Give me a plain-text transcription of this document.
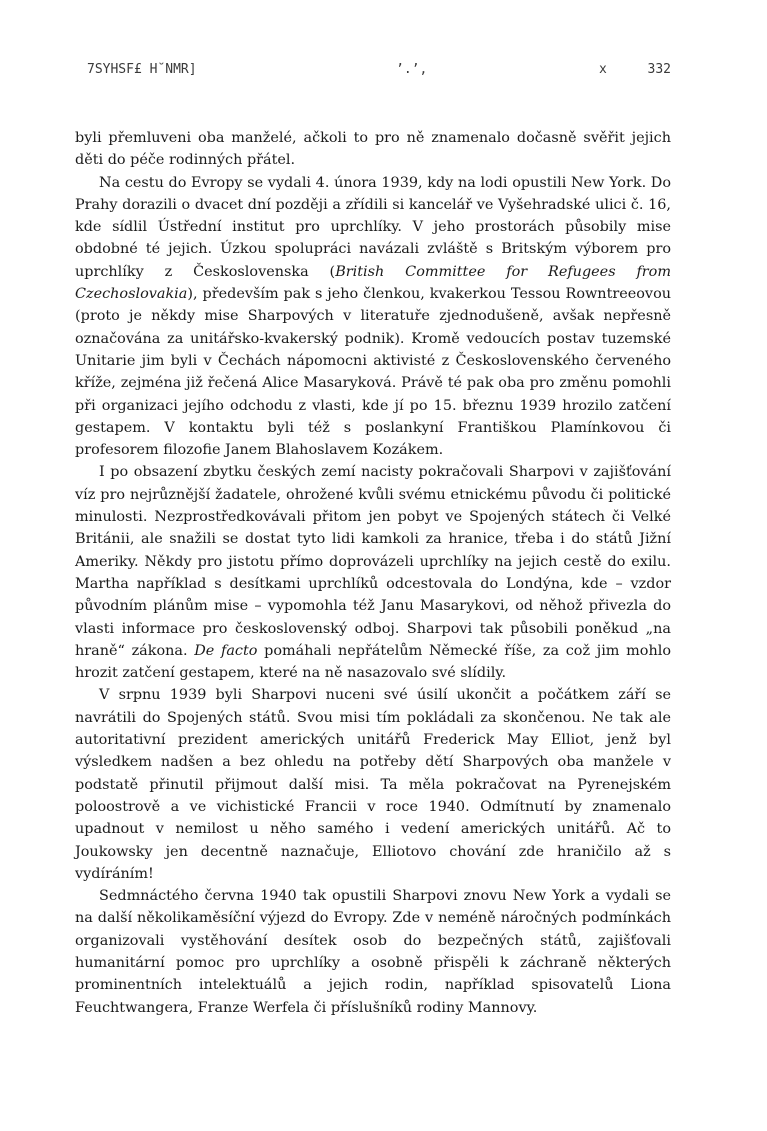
7SYHSF£ H˘NMR]	’.’,	x	332

byli přemluveni oba manželé, ačkoli to pro ně znamenalo dočasně svěřit jejich děti do péče rodinných přátel.

Na cestu do Evropy se vydali 4. února 1939, kdy na lodi opustili New York. Do Prahy dorazili o dvacet dní později a zřídili si kancelář ve Vyšehradské ulici č. 16, kde sídlil Ústřední institut pro uprchlíky. V jeho prostorách působily mise obdobné té jejich. Úzkou spolupráci navázali zvláště s Britským výborem pro uprchlíky z Československa (British Committee for Refugees from Czechoslovakia), především pak s jeho členkou, kvakerkou Tessou Rowntreeovou (proto je někdy mise Sharpových v literatuře zjednodušeně, avšak nepřesně označována za unitářsko-kvakerský podnik). Kromě vedoucích postav tuzemské Unitarie jim byli v Čechách nápomocni aktivisté z Československého červeného kříže, zejména již řečená Alice Masaryková. Právě té pak oba pro změnu pomohli při organizaci jejího odchodu z vlasti, kde jí po 15. březnu 1939 hrozilo zatčení gestapem. V kontaktu byli též s poslankyní Františkou Plamínkovou či profesorem filozofie Janem Blahoslavem Kozákem.

I po obsazení zbytku českých zemí nacisty pokračovali Sharpovi v zajišťování víz pro nejrůznější žadatele, ohrožené kvůli svému etnickému původu či politické minulosti. Nezprostředkovávali přitom jen pobyt ve Spojených státech či Velké Británii, ale snažili se dostat tyto lidi kamkoli za hranice, třeba i do států Jižní Ameriky. Někdy pro jistotu přímo doprovázeli uprchlíky na jejich cestě do exilu. Martha například s desítkami uprchlíků odcestovala do Londýna, kde – vzdor původním plánům mise – vypomohla též Janu Masarykovi, od něhož přivezla do vlasti informace pro československý odboj. Sharpovi tak působili poněkud „na hraně“ zákona. De facto pomáhali nepřátelům Německé říše, za což jim mohlo hrozit zatčení gestapem, které na ně nasazovalo své slídily.

V srpnu 1939 byli Sharpovi nuceni své úsilí ukončit a počátkem září se navrátili do Spojených států. Svou misi tím pokládali za skončenou. Ne tak ale autoritativní prezident amerických unitářů Frederick May Elliot, jenž byl výsledkem nadšen a bez ohledu na potřeby dětí Sharpových oba manžele v podstatě přinutil přijmout další misi. Ta měla pokračovat na Pyrenejském poloostrově a ve vichistické Francii v roce 1940. Odmítnutí by znamenalo upadnout v nemilost u něho samého i vedení amerických unitářů. Ač to Joukowsky jen decentně naznačuje, Elliotovo chování zde hraničilo až s vydíráním!

Sedmnáctého června 1940 tak opustili Sharpovi znovu New York a vydali se na další několikaměsíční výjezd do Evropy. Zde v neméně náročných podmínkách organizovali vystěhování desítek osob do bezpečných států, zajišťovali humanitární pomoc pro uprchlíky a osobně přispěli k záchraně některých prominentních intelektuálů a jejich rodin, například spisovatelů Liona Feuchtwangera, Franze Werfela či příslušníků rodiny Mannovy.
